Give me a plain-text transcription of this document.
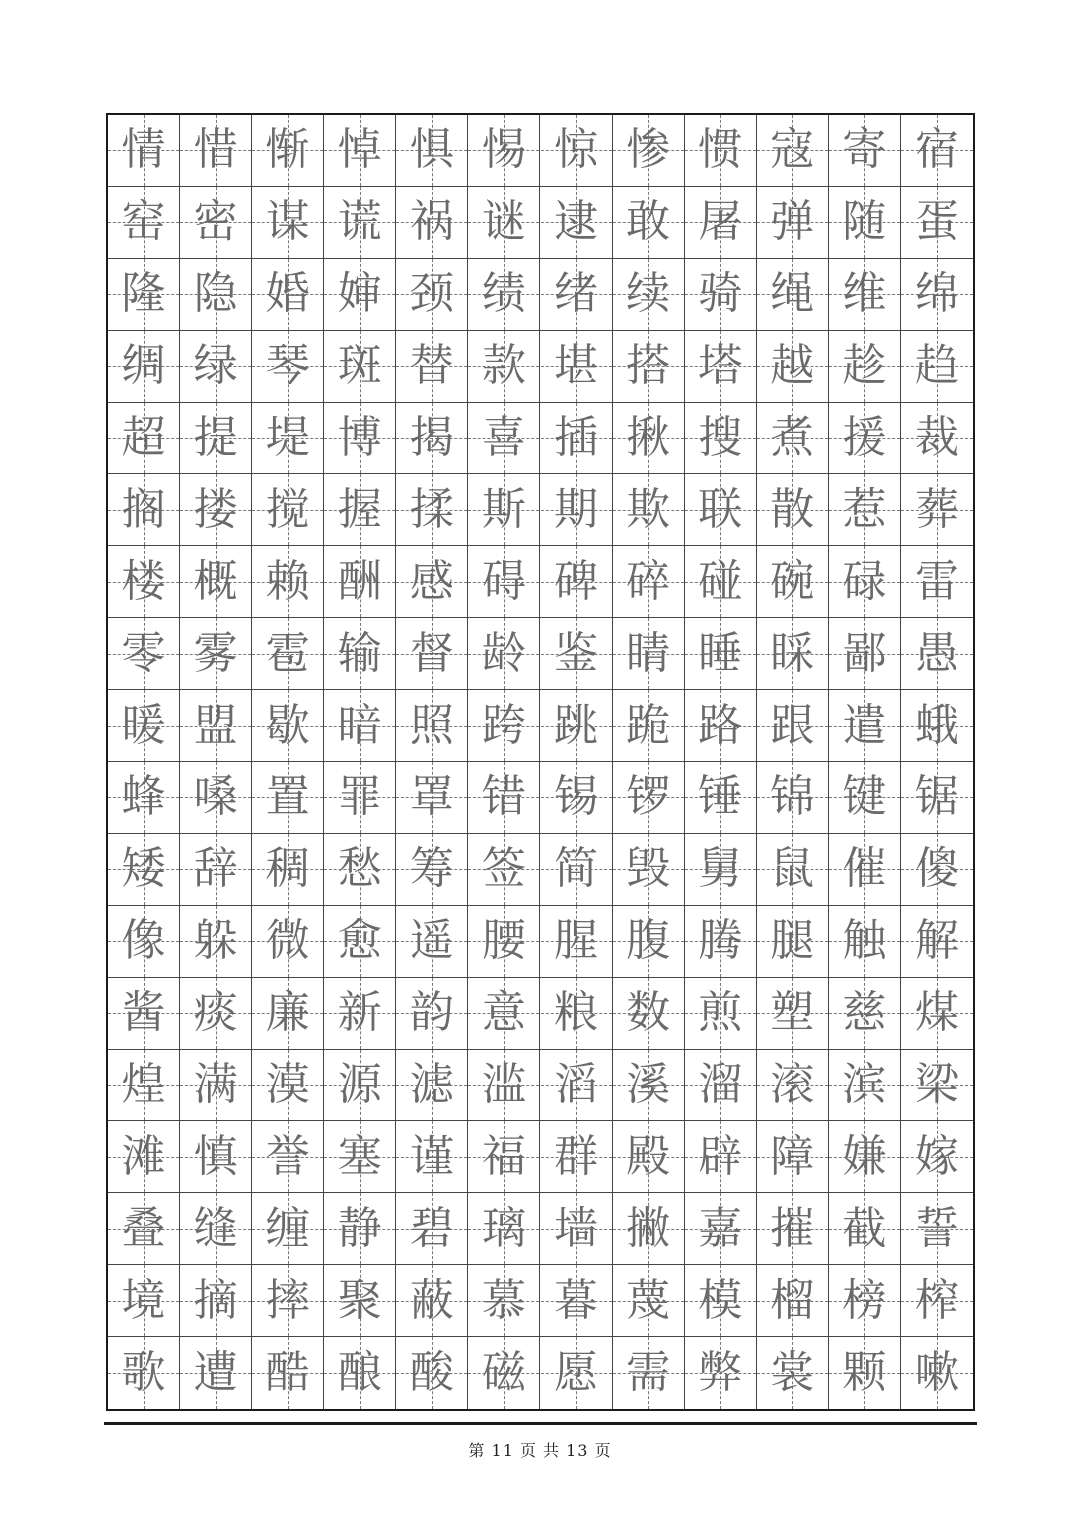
情 惜 惭 悼 惧 惕 惊 惨 惯 寇 寄 宿
窑 密 谋 谎 祸 谜 逮 敢 屠 弹 随 蛋
隆 隐 婚 婶 颈 绩 绪 续 骑 绳 维 绵
绸 绿 琴 斑 替 款 堪 搭 塔 越 趁 趋
超 提 堤 博 揭 喜 插 揪 搜 煮 援 裁
搁 搂 搅 握 揉 斯 期 欺 联 散 惹 葬
楼 概 赖 酬 感 碍 碑 碎 碰 碗 碌 雷
零 雾 雹 输 督 龄 鉴 睛 睡 睬 鄙 愚
暖 盟 歇 暗 照 跨 跳 跪 路 跟 遣 蛾
蜂 嗓 置 罪 罩 错 锡 锣 锤 锦 键 锯
矮 辞 稠 愁 筹 签 简 毁 舅 鼠 催 傻
像 躲 微 愈 遥 腰 腥 腹 腾 腿 触 解
酱 痰 廉 新 韵 意 粮 数 煎 塑 慈 煤
煌 满 漠 源 滤 滥 滔 溪 溜 滚 滨 梁
滩 慎 誉 塞 谨 福 群 殿 辟 障 嫌 嫁
叠 缝 缠 静 碧 璃 墙 撇 嘉 摧 截 誓
境 摘 摔 聚 蔽 慕 暮 蔑 模 榴 榜 榨
歌 遭 酷 酿 酸 磁 愿 需 弊 裳 颗 嗽
第 11 页 共 13 页
